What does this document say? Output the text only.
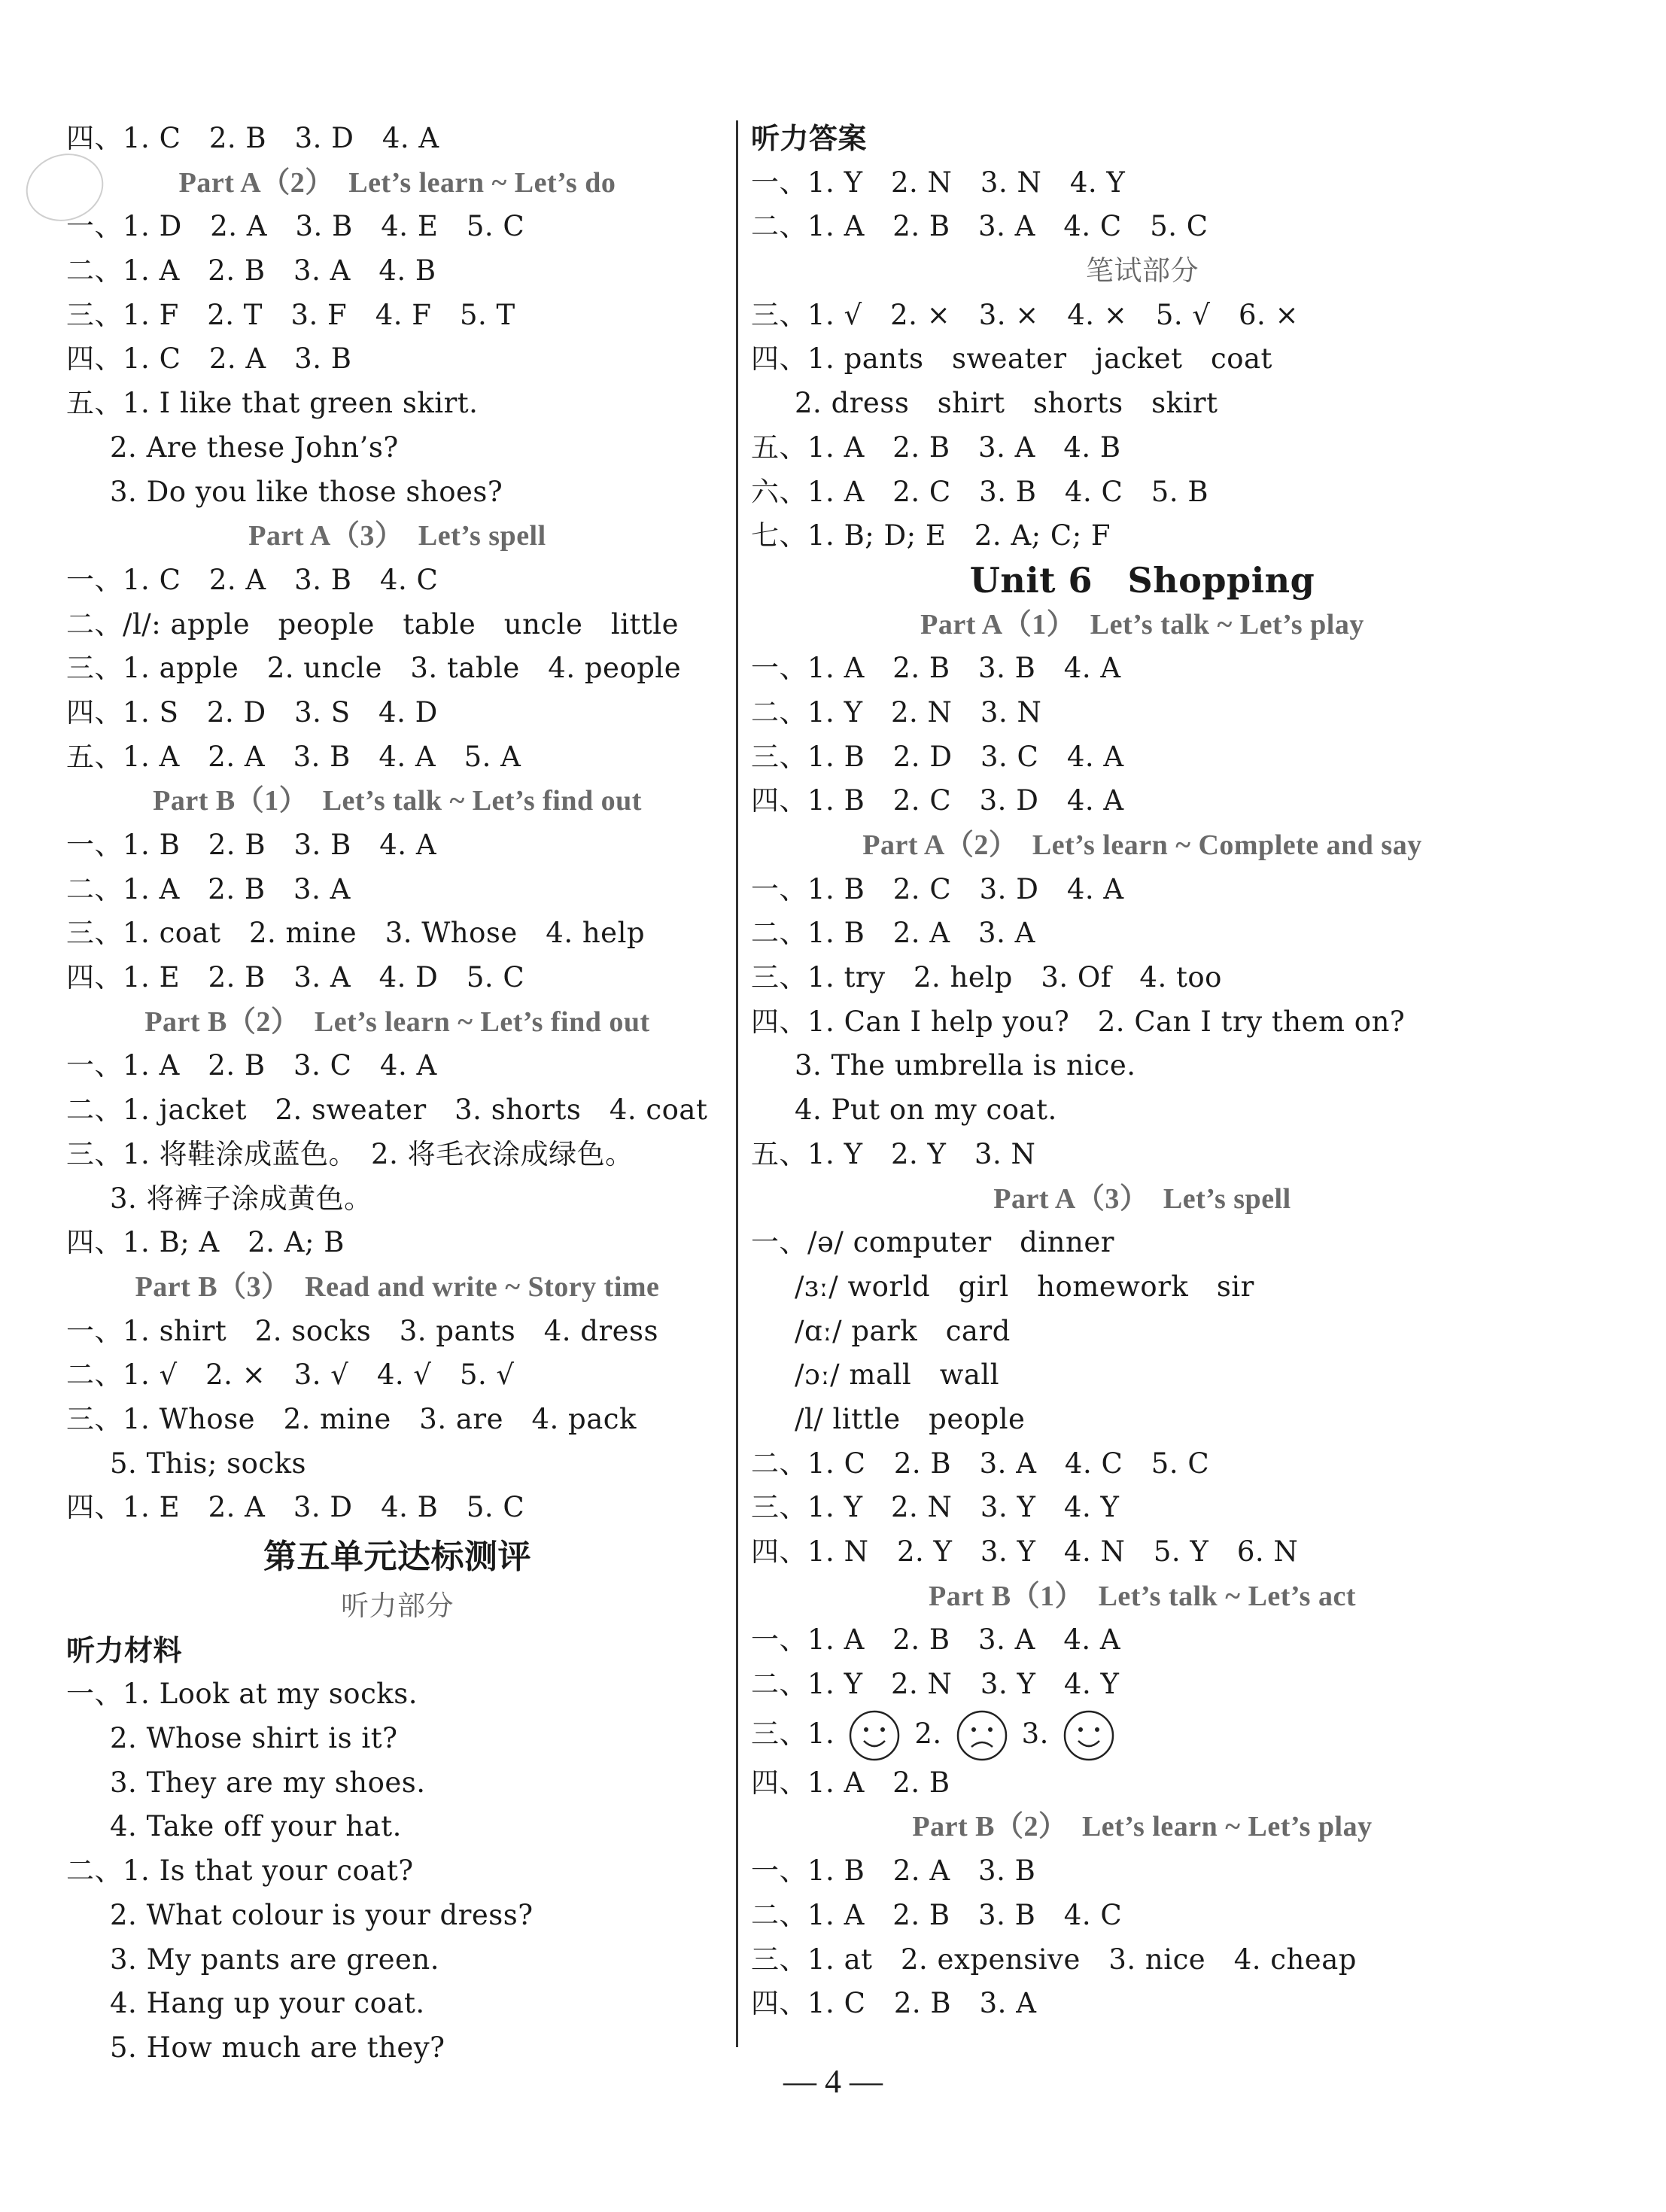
四、1. C　2. B　3. D　4. A
Part A（2）　Let’s learn ~ Let’s do
一、1. D　2. A　3. B　4. E　5. C
二、1. A　2. B　3. A　4. B
三、1. F　2. T　3. F　4. F　5. T
四、1. C　2. A　3. B
五、1. I like that green skirt.
2. Are these John’s?
3. Do you like those shoes?
Part A（3）　Let’s spell
一、1. C　2. A　3. B　4. C
二、/l/: apple　people　table　uncle　little
三、1. apple　2. uncle　3. table　4. people
四、1. S　2. D　3. S　4. D
五、1. A　2. A　3. B　4. A　5. A
Part B（1）　Let’s talk ~ Let’s find out
一、1. B　2. B　3. B　4. A
二、1. A　2. B　3. A
三、1. coat　2. mine　3. Whose　4. help
四、1. E　2. B　3. A　4. D　5. C
Part B（2）　Let’s learn ~ Let’s find out
一、1. A　2. B　3. C　4. A
二、1. jacket　2. sweater　3. shorts　4. coat
三、1. 将鞋涂成蓝色。　2. 将毛衣涂成绿色。
3. 将裤子涂成黄色。
四、1. B; A　2. A; B
Part B（3）　Read and write ~ Story time
一、1. shirt　2. socks　3. pants　4. dress
二、1. √　2. ×　3. √　4. √　5. √
三、1. Whose　2. mine　3. are　4. pack
5. This; socks
四、1. E　2. A　3. D　4. B　5. C
第五单元达标测评
听力部分
听力材料
一、1. Look at my socks.
2. Whose shirt is it?
3. They are my shoes.
4. Take off your hat.
二、1. Is that your coat?
2. What colour is your dress?
3. My pants are green.
4. Hang up your coat.
5. How much are they?
听力答案
一、1. Y　2. N　3. N　4. Y
二、1. A　2. B　3. A　4. C　5. C
笔试部分
三、1. √　2. ×　3. ×　4. ×　5. √　6. ×
四、1. pants　sweater　jacket　coat
2. dress　shirt　shorts　skirt
五、1. A　2. B　3. A　4. B
六、1. A　2. C　3. B　4. C　5. B
七、1. B; D; E　2. A; C; F
Unit 6　Shopping
Part A（1）　Let’s talk ~ Let’s play
一、1. A　2. B　3. B　4. A
二、1. Y　2. N　3. N
三、1. B　2. D　3. C　4. A
四、1. B　2. C　3. D　4. A
Part A（2）　Let’s learn ~ Complete and say
一、1. B　2. C　3. D　4. A
二、1. B　2. A　3. A
三、1. try　2. help　3. Of　4. too
四、1. Can I help you?　2. Can I try them on?
3. The umbrella is nice.
4. Put on my coat.
五、1. Y　2. Y　3. N
Part A（3）　Let’s spell
一、/ə/ computer　dinner
/ɜː/ world　girl　homework　sir
/ɑː/ park　card
/ɔː/ mall　wall
/l/ little　people
二、1. C　2. B　3. A　4. C　5. C
三、1. Y　2. N　3. Y　4. Y
四、1. N　2. Y　3. Y　4. N　5. Y　6. N
Part B（1）　Let’s talk ~ Let’s act
一、1. A　2. B　3. A　4. A
二、1. Y　2. N　3. Y　4. Y
三、1.	2.	3.
四、1. A　2. B
Part B（2）　Let’s learn ~ Let’s play
一、1. B　2. A　3. B
二、1. A　2. B　3. B　4. C
三、1. at　2. expensive　3. nice　4. cheap
四、1. C　2. B　3. A
— 4 —
